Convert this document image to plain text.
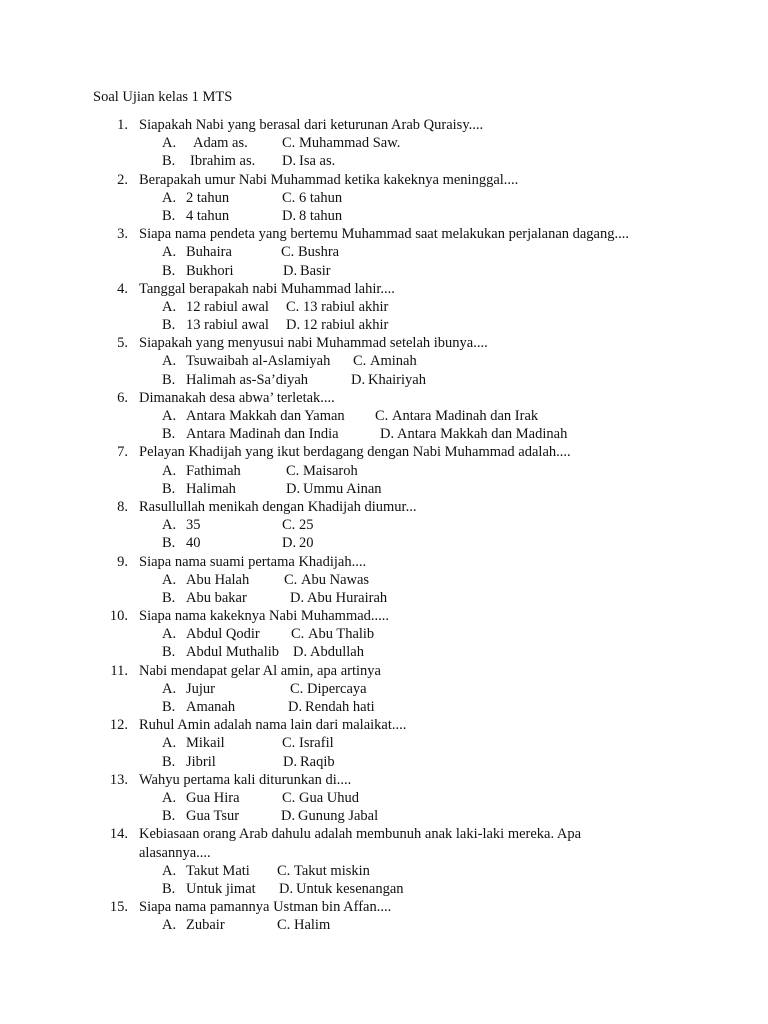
Soal Ujian kelas 1 MTS
1. Siapakah Nabi yang berasal dari keturunan Arab Quraisy....
A. Adam as. C. Muhammad Saw.
B. Ibrahim as. D. Isa as.
2. Berapakah umur Nabi Muhammad ketika kakeknya meninggal....
A. 2 tahun	C. 6 tahun
B. 4 tahun	D. 8 tahun
3. Siapa nama pendeta yang bertemu Muhammad saat melakukan perjalanan dagang....
A. Buhaira	C. Bushra
B. Bukhori	D. Basir
4. Tanggal berapakah nabi Muhammad lahir....
A. 12 rabiul awal C. 13 rabiul akhir
B. 13 rabiul awal D. 12 rabiul akhir
5. Siapakah yang menyusui nabi Muhammad setelah ibunya....
A. Tsuwaibah al-Aslamiyah C. Aminah
B. Halimah as-Sa’diyah	D. Khairiyah
6. Dimanakah desa abwa’ terletak....
A. Antara Makkah dan Yaman C. Antara Madinah dan Irak
B. Antara Madinah dan India	D. Antara Makkah dan Madinah
7. Pelayan Khadijah yang ikut berdagang dengan Nabi Muhammad adalah....
A. Fathimah	C. Maisaroh
B. Halimah	D. Ummu Ainan
8. Rasullullah menikah dengan Khadijah diumur...
A. 35	C. 25
B. 40	D. 20
9. Siapa nama suami pertama Khadijah....
A. Abu Halah C. Abu Nawas
B. Abu bakar	D. Abu Hurairah
10. Siapa nama kakeknya Nabi Muhammad.....
A. Abdul Qodir C. Abu Thalib
B. Abdul Muthalib D. Abdullah
11. Nabi mendapat gelar Al amin, apa artinya
A. Jujur	C. Dipercaya
B. Amanah	D. Rendah hati
12. Ruhul Amin adalah nama lain dari malaikat....
A. Mikail	C. Israfil
B. Jibril	D. Raqib
13. Wahyu pertama kali diturunkan di....
A. Gua Hira	C. Gua Uhud
B. Gua Tsur	D. Gunung Jabal
14. Kebiasaan orang Arab dahulu adalah membunuh anak laki-laki mereka. Apa
alasannya....
A. Takut Mati C. Takut miskin
B. Untuk jimat D. Untuk kesenangan
15. Siapa nama pamannya Ustman bin Affan....
A. Zubair	C. Halim
